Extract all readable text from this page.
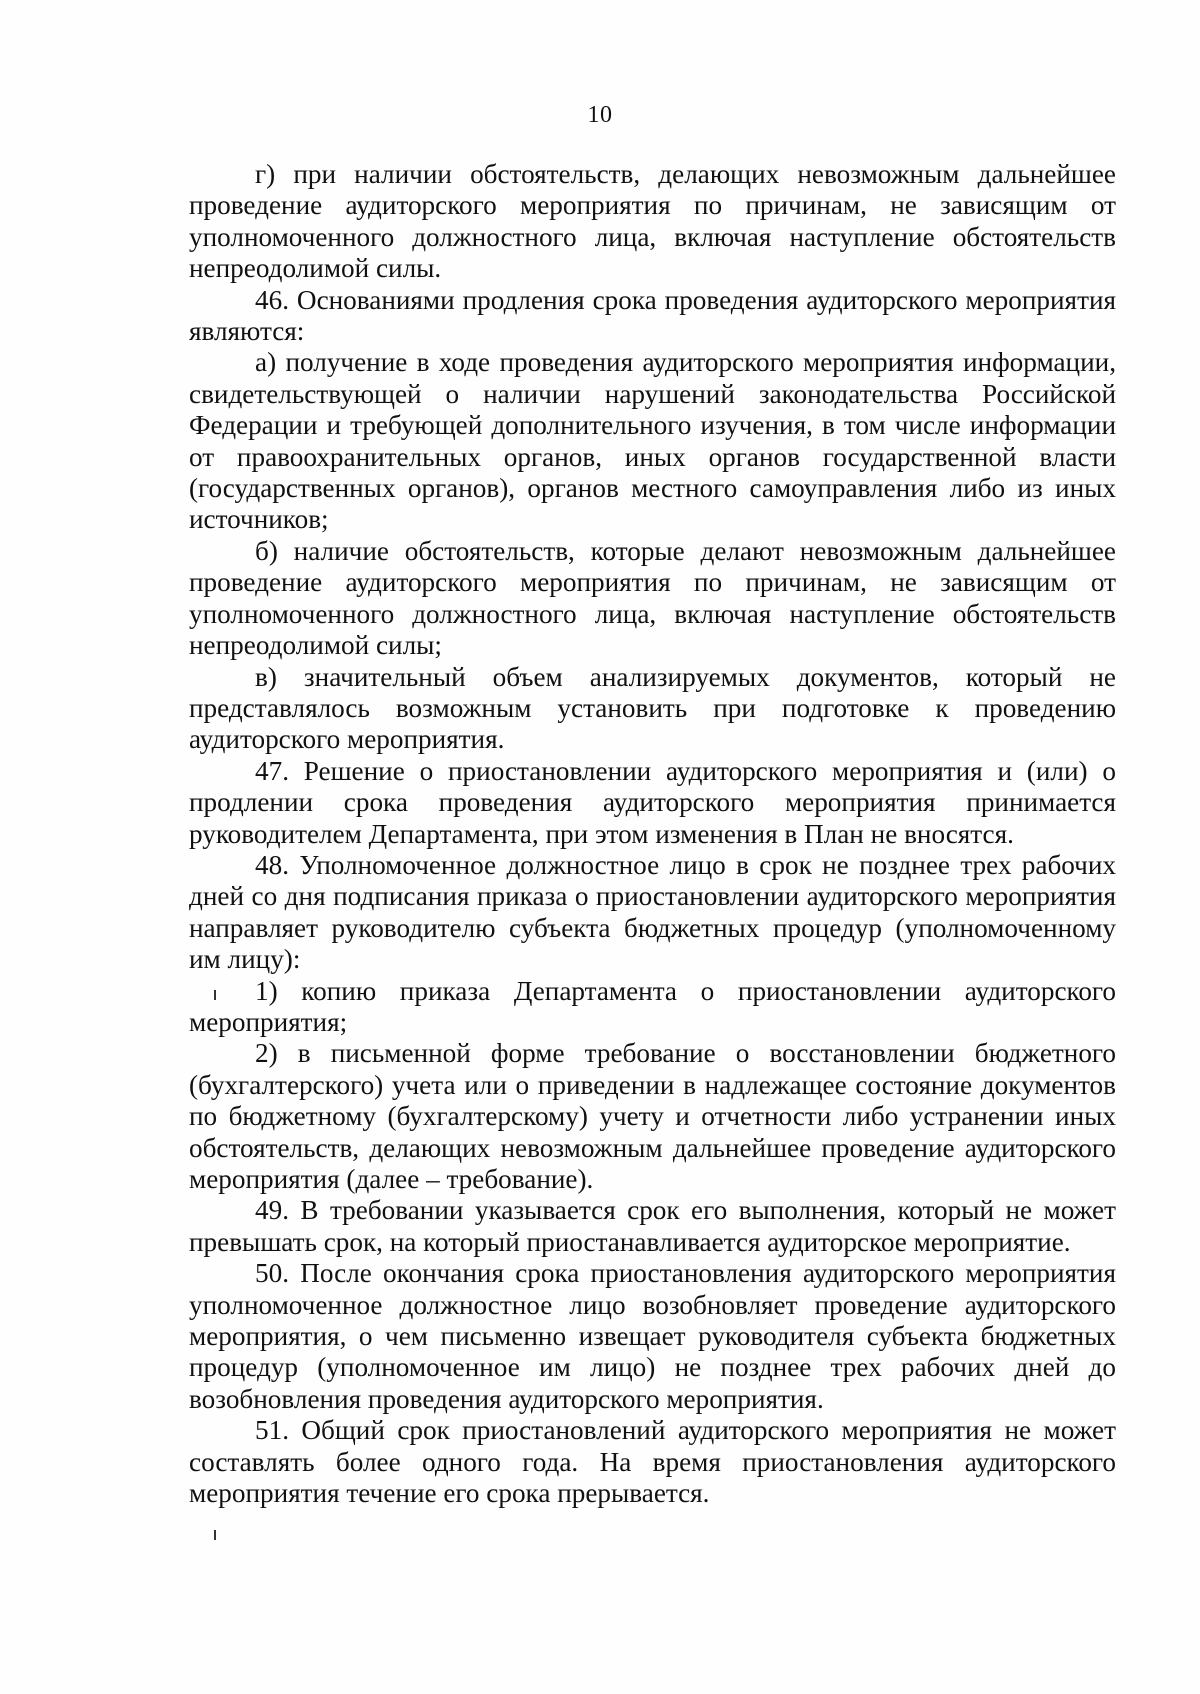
10

г) при наличии обстоятельств, делающих невозможным дальнейшее проведение аудиторского мероприятия по причинам, не зависящим от уполномоченного должностного лица, включая наступление обстоятельств непреодолимой силы.

46. Основаниями продления срока проведения аудиторского мероприятия являются:

а) получение в ходе проведения аудиторского мероприятия информации, свидетельствующей о наличии нарушений законодательства Российской Федерации и требующей дополнительного изучения, в том числе информации от правоохранительных органов, иных органов государственной власти (государственных органов), органов местного самоуправления либо из иных источников;

б) наличие обстоятельств, которые делают невозможным дальнейшее проведение аудиторского мероприятия по причинам, не зависящим от уполномоченного должностного лица, включая наступление обстоятельств непреодолимой силы;

в) значительный объем анализируемых документов, который не представлялось возможным установить при подготовке к проведению аудиторского мероприятия.

47. Решение о приостановлении аудиторского мероприятия и (или) о продлении срока проведения аудиторского мероприятия принимается руководителем Департамента, при этом изменения в План не вносятся.

48. Уполномоченное должностное лицо в срок не позднее трех рабочих дней со дня подписания приказа о приостановлении аудиторского мероприятия направляет руководителю субъекта бюджетных процедур (уполномоченному им лицу):

1) копию приказа Департамента о приостановлении аудиторского мероприятия;

2) в письменной форме требование о восстановлении бюджетного (бухгалтерского) учета или о приведении в надлежащее состояние документов по бюджетному (бухгалтерскому) учету и отчетности либо устранении иных обстоятельств, делающих невозможным дальнейшее проведение аудиторского мероприятия (далее – требование).

49. В требовании указывается срок его выполнения, который не может превышать срок, на который приостанавливается аудиторское мероприятие.

50. После окончания срока приостановления аудиторского мероприятия уполномоченное должностное лицо возобновляет проведение аудиторского мероприятия, о чем письменно извещает руководителя субъекта бюджетных процедур (уполномоченное им лицо) не позднее трех рабочих дней до возобновления проведения аудиторского мероприятия.

51. Общий срок приостановлений аудиторского мероприятия не может составлять более одного года. На время приостановления аудиторского мероприятия течение его срока прерывается.
